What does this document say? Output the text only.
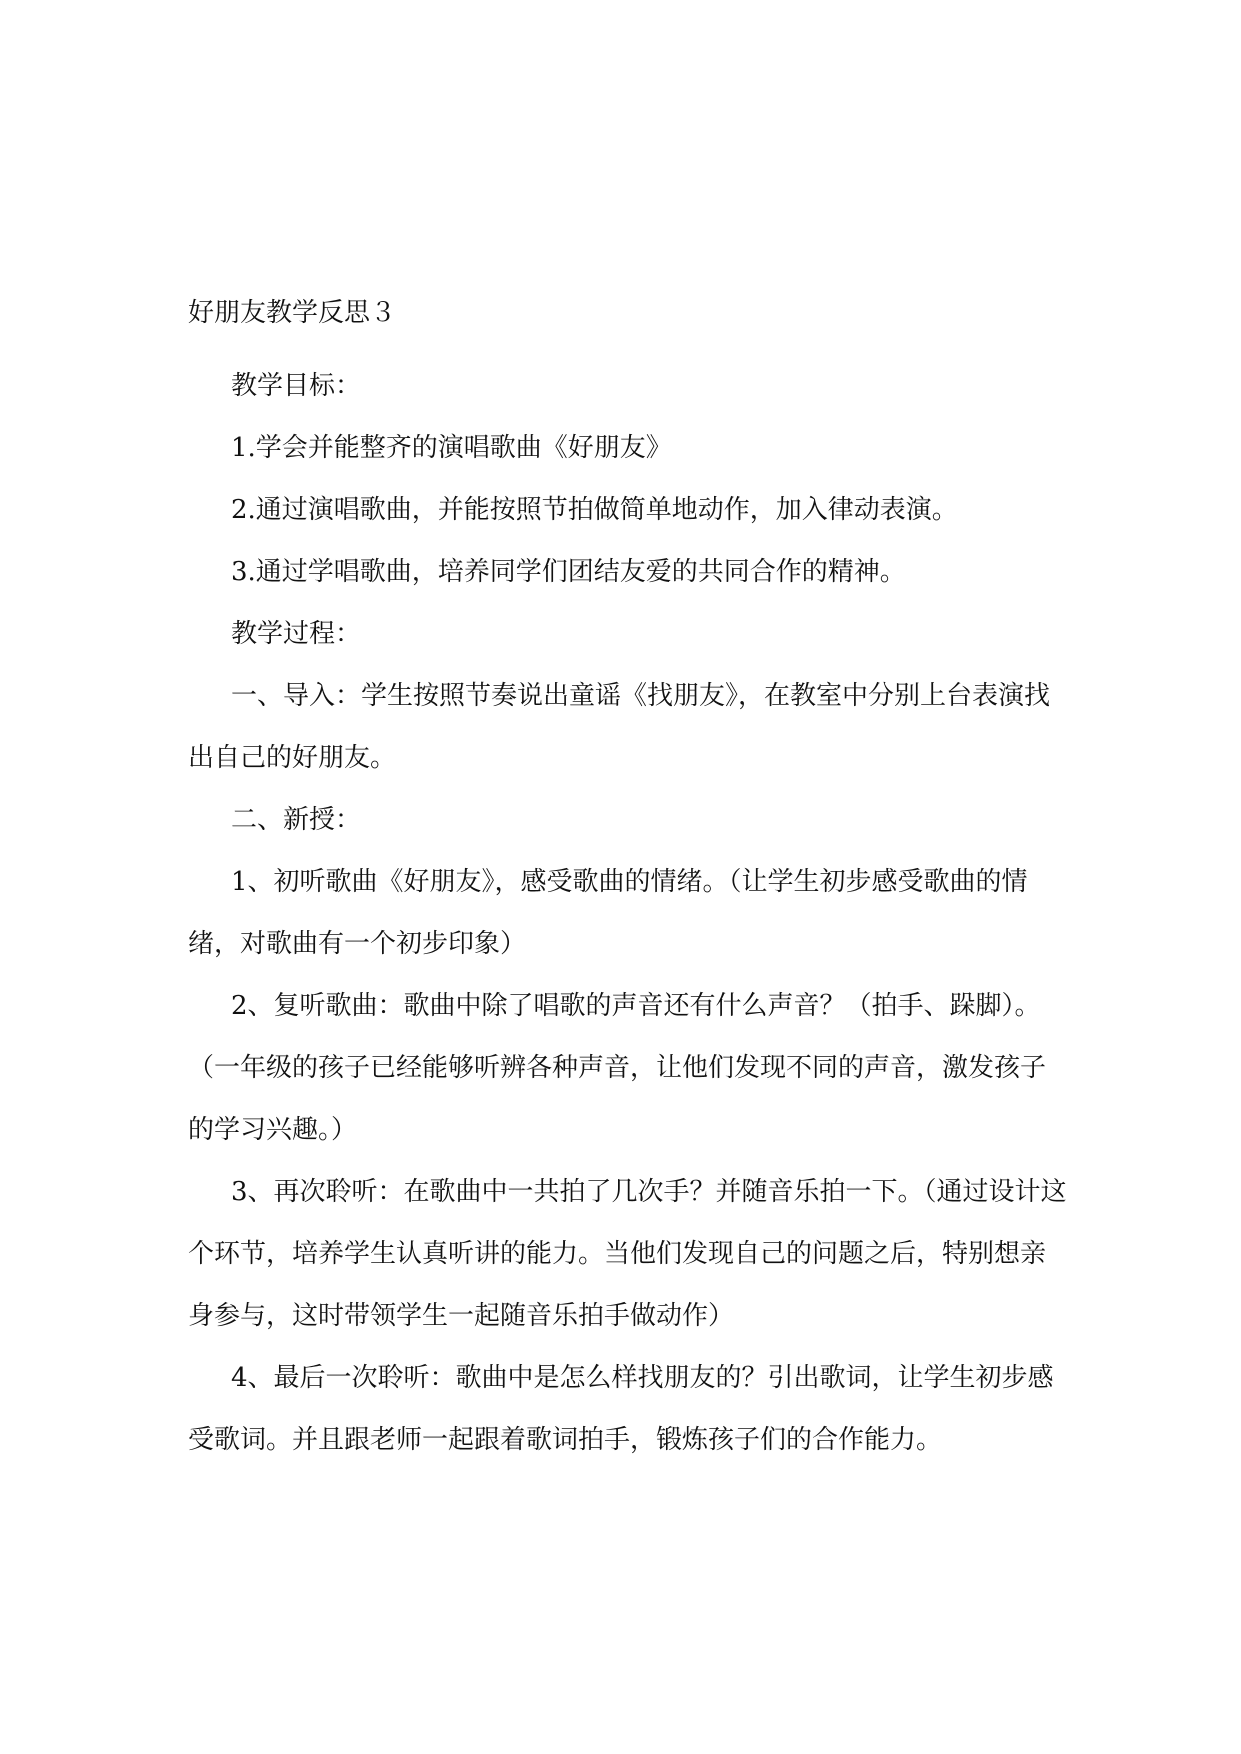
好朋友教学反思３

教学目标：

1.学会并能整齐的演唱歌曲《好朋友》

2.通过演唱歌曲，并能按照节拍做简单地动作，加入律动表演。

3.通过学唱歌曲，培养同学们团结友爱的共同合作的精神。

教学过程：

一、导入：学生按照节奏说出童谣《找朋友》，在教室中分别上台表演找出自己的好朋友。

二、新授：

1、初听歌曲《好朋友》，感受歌曲的情绪。（让学生初步感受歌曲的情绪，对歌曲有一个初步印象）

2、复听歌曲：歌曲中除了唱歌的声音还有什么声音？（拍手、跺脚）。（一年级的孩子已经能够听辨各种声音，让他们发现不同的声音，激发孩子的学习兴趣。）

3、再次聆听：在歌曲中一共拍了几次手？并随音乐拍一下。（通过设计这个环节，培养学生认真听讲的能力。当他们发现自己的问题之后，特别想亲身参与，这时带领学生一起随音乐拍手做动作）

4、最后一次聆听：歌曲中是怎么样找朋友的？引出歌词，让学生初步感受歌词。并且跟老师一起跟着歌词拍手，锻炼孩子们的合作能力。
